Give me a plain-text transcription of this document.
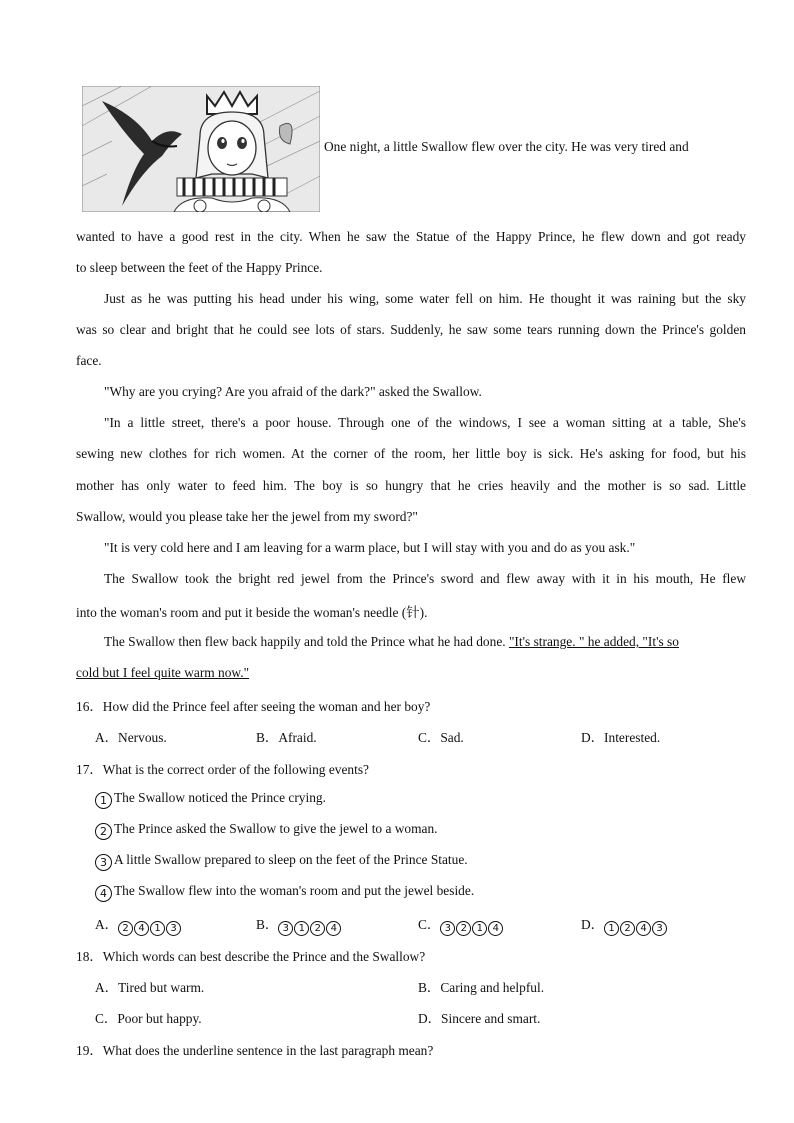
One night, a little Swallow flew over the city. He was very tired and
wanted to have a good rest in the city. When he saw the Statue of the Happy Prince, he flew down and got ready
to sleep between the feet of the Happy Prince.
Just as he was putting his head under his wing, some water fell on him. He thought it was raining but the sky
was so clear and bright that he could see lots of stars. Suddenly, he saw some tears running down the Prince's golden
face.
"Why are you crying? Are you afraid of the dark?" asked the Swallow.
"In a little street, there's a poor house. Through one of the windows, I see a woman sitting at a table, She's
sewing new clothes for rich women. At the corner of the room, her little boy is sick. He's asking for food, but his
mother has only water to feed him. The boy is so hungry that he cries heavily and the mother is so sad. Little
Swallow, would you please take her the jewel from my sword?"
"It is very cold here and I am leaving for a warm place, but I will stay with you and do as you ask."
The Swallow took the bright red jewel from the Prince's sword and flew away with it in his mouth, He flew
into the woman's room and put it beside the woman's needle (针).
The Swallow then flew back happily and told the Prince what he had done. "It's strange. " he added, "It's so
cold but I feel quite warm now."
16．How did the Prince feel after seeing the woman and her boy?
A．Nervous.	B．Afraid.	C．Sad.	D．Interested.
17．What is the correct order of the following events?
1 The Swallow noticed the Prince crying.
2 The Prince asked the Swallow to give the jewel to a woman.
3 A little Swallow prepared to sleep on the feet of the Prince Statue.
4 The Swallow flew into the woman's room and put the jewel beside.
A． 2 4 1 3	B． 3 1 2 4	C． 3 2 1 4	D． 1 2 4 3
18．Which words can best describe the Prince and the Swallow?
A．Tired but warm.	B．Caring and helpful.
C．Poor but happy.	D．Sincere and smart.
19．What does the underline sentence in the last paragraph mean?
